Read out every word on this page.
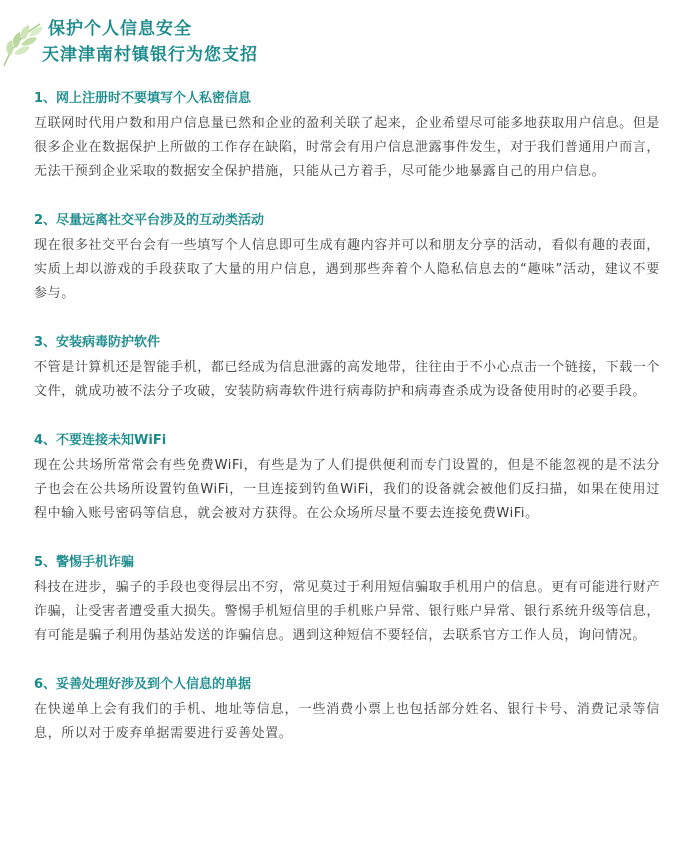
保护个人信息安全
天津津南村镇银行为您支招
1、网上注册时不要填写个人私密信息
互联网时代用户数和用户信息量已然和企业的盈利关联了起来，企业希望尽可能多地获取用户信息。但是很多企业在数据保护上所做的工作存在缺陷，时常会有用户信息泄露事件发生，对于我们普通用户而言，无法干预到企业采取的数据安全保护措施，只能从己方着手，尽可能少地暴露自己的用户信息。
2、尽量远离社交平台涉及的互动类活动
现在很多社交平台会有一些填写个人信息即可生成有趣内容并可以和朋友分享的活动，看似有趣的表面，实质上却以游戏的手段获取了大量的用户信息，遇到那些奔着个人隐私信息去的“趣味”活动，建议不要参与。
3、安装病毒防护软件
不管是计算机还是智能手机，都已经成为信息泄露的高发地带，往往由于不小心点击一个链接，下载一个文件，就成功被不法分子攻破，安装防病毒软件进行病毒防护和病毒查杀成为设备使用时的必要手段。
4、不要连接未知WiFi
现在公共场所常常会有些免费WiFi，有些是为了人们提供便利而专门设置的，但是不能忽视的是不法分子也会在公共场所设置钓鱼WiFi，一旦连接到钓鱼WiFi，我们的设备就会被他们反扫描，如果在使用过程中输入账号密码等信息，就会被对方获得。在公众场所尽量不要去连接免费WiFi。
5、警惕手机诈骗
科技在进步，骗子的手段也变得层出不穷，常见莫过于利用短信骗取手机用户的信息。更有可能进行财产诈骗，让受害者遭受重大损失。警惕手机短信里的手机账户异常、银行账户异常、银行系统升级等信息，有可能是骗子利用伪基站发送的诈骗信息。遇到这种短信不要轻信，去联系官方工作人员，询问情况。
6、妥善处理好涉及到个人信息的单据
在快递单上会有我们的手机、地址等信息，一些消费小票上也包括部分姓名、银行卡号、消费记录等信息，所以对于废弃单据需要进行妥善处置。
